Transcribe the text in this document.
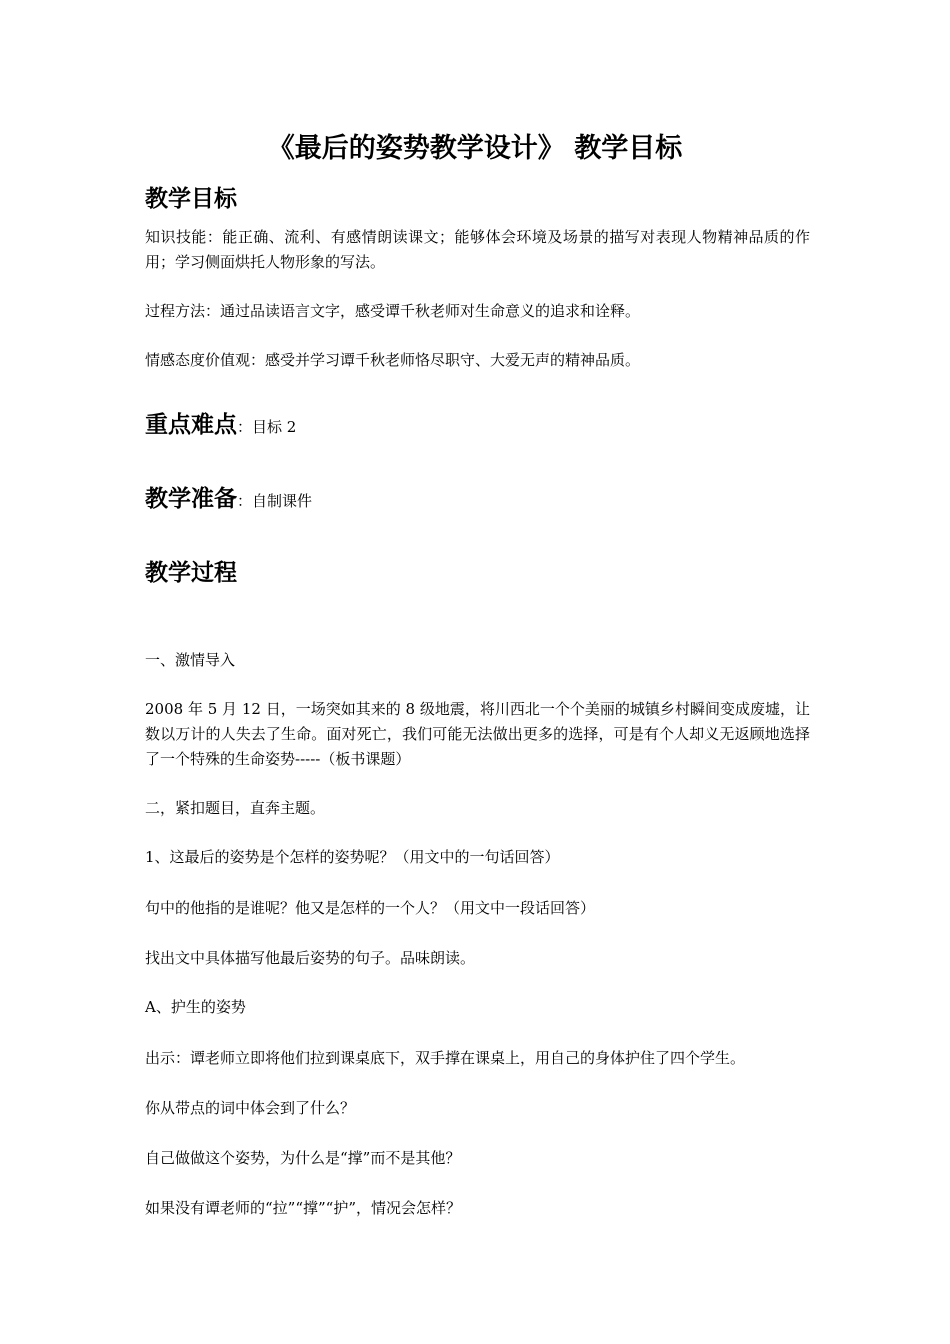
《最后的姿势教学设计》 教学目标
教学目标

知识技能：能正确、流利、有感情朗读课文；能够体会环境及场景的描写对表现人物精神品质的作用；学习侧面烘托人物形象的写法。

过程方法：通过品读语言文字，感受谭千秋老师对生命意义的追求和诠释。

情感态度价值观：感受并学习谭千秋老师恪尽职守、大爱无声的精神品质。

重点难点：目标 2
教学准备：自制课件
教学过程

一、激情导入

2008 年 5 月 12 日，一场突如其来的 8 级地震，将川西北一个个美丽的城镇乡村瞬间变成废墟，让数以万计的人失去了生命。面对死亡，我们可能无法做出更多的选择，可是有个人却义无返顾地选择了一个特殊的生命姿势-----（板书课题）

二，紧扣题目，直奔主题。

1、这最后的姿势是个怎样的姿势呢？（用文中的一句话回答）

句中的他指的是谁呢？他又是怎样的一个人？（用文中一段话回答）

找出文中具体描写他最后姿势的句子。品味朗读。

A、护生的姿势

出示：谭老师立即将他们拉到课桌底下，双手撑在课桌上，用自己的身体护住了四个学生。

你从带点的词中体会到了什么？

自己做做这个姿势，为什么是“撑”而不是其他？

如果没有谭老师的“拉”“撑”“护”，情况会怎样？
